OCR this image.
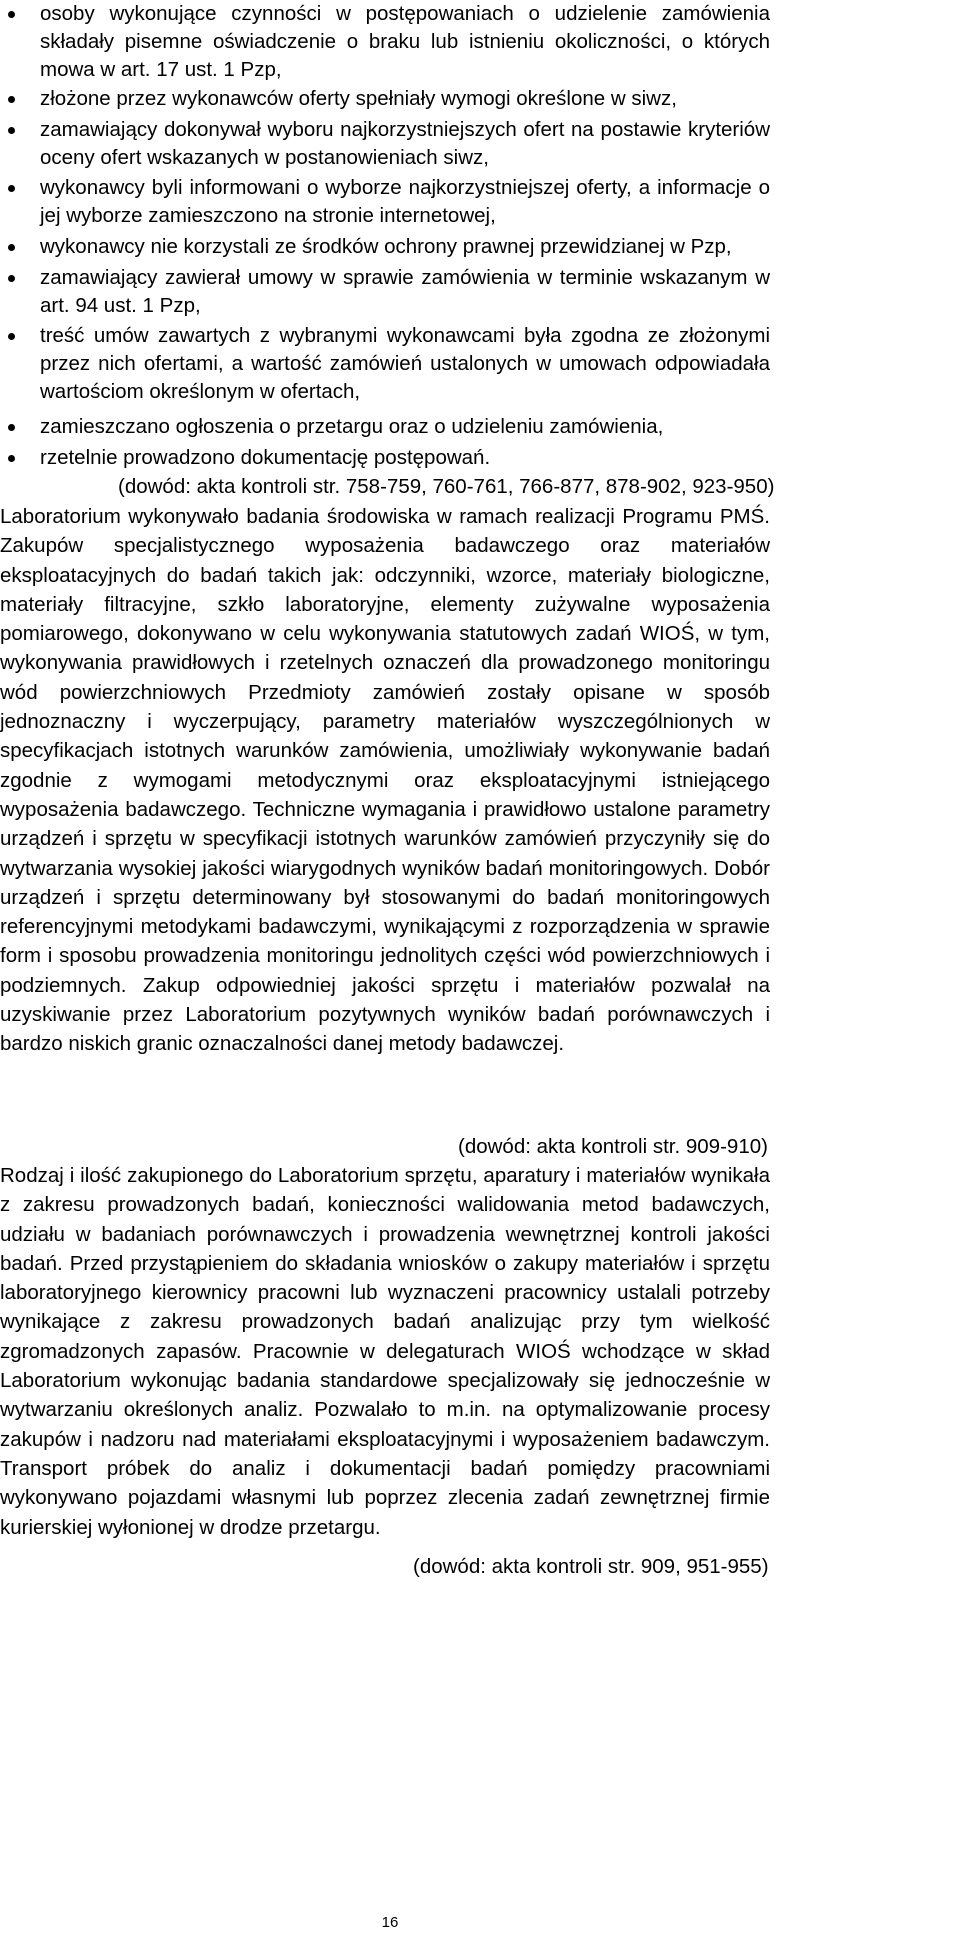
osoby wykonujące czynności w postępowaniach o udzielenie zamówienia składały pisemne oświadczenie o braku lub istnieniu okoliczności, o których mowa w art. 17 ust. 1 Pzp,
złożone przez wykonawców oferty spełniały wymogi określone w siwz,
zamawiający dokonywał wyboru najkorzystniejszych ofert na postawie kryteriów oceny ofert wskazanych w postanowieniach siwz,
wykonawcy byli informowani o wyborze najkorzystniejszej oferty, a informacje o jej wyborze zamieszczono na stronie internetowej,
wykonawcy nie korzystali ze środków ochrony prawnej przewidzianej w Pzp,
zamawiający zawierał umowy w sprawie zamówienia w terminie wskazanym w art. 94 ust. 1 Pzp,
treść umów zawartych z wybranymi wykonawcami była zgodna ze złożonymi przez nich ofertami, a wartość zamówień ustalonych w umowach odpowiadała wartościom określonym w ofertach,
zamieszczano ogłoszenia o przetargu oraz o udzieleniu zamówienia,
rzetelnie prowadzono dokumentację postępowań.
(dowód: akta kontroli str. 758-759, 760-761, 766-877, 878-902, 923-950)

Laboratorium wykonywało badania środowiska w ramach realizacji Programu PMŚ. Zakupów specjalistycznego wyposażenia badawczego oraz materiałów eksploatacyjnych do badań takich jak: odczynniki, wzorce, materiały biologiczne, materiały filtracyjne, szkło laboratoryjne, elementy zużywalne wyposażenia pomiarowego, dokonywano w celu wykonywania statutowych zadań WIOŚ, w tym, wykonywania prawidłowych i rzetelnych oznaczeń dla prowadzonego monitoringu wód powierzchniowych Przedmioty zamówień zostały opisane w sposób jednoznaczny i wyczerpujący, parametry materiałów wyszczególnionych w specyfikacjach istotnych warunków zamówienia, umożliwiały wykonywanie badań zgodnie z wymogami metodycznymi oraz eksploatacyjnymi istniejącego wyposażenia badawczego. Techniczne wymagania i prawidłowo ustalone parametry urządzeń i sprzętu w specyfikacji istotnych warunków zamówień przyczyniły się do wytwarzania wysokiej jakości wiarygodnych wyników badań monitoringowych. Dobór urządzeń i sprzętu determinowany był stosowanymi do badań monitoringowych referencyjnymi metodykami badawczymi, wynikającymi z rozporządzenia w sprawie form i sposobu prowadzenia monitoringu jednolitych części wód powierzchniowych i podziemnych. Zakup odpowiedniej jakości sprzętu i materiałów pozwalał na uzyskiwanie przez Laboratorium pozytywnych wyników badań porównawczych i bardzo niskich granic oznaczalności danej metody badawczej.

(dowód: akta kontroli str. 909-910)

Rodzaj i ilość zakupionego do Laboratorium sprzętu, aparatury i materiałów wynikała z zakresu prowadzonych badań, konieczności walidowania metod badawczych, udziału w badaniach porównawczych i prowadzenia wewnętrznej kontroli jakości badań. Przed przystąpieniem do składania wniosków o zakupy materiałów i sprzętu laboratoryjnego kierownicy pracowni lub wyznaczeni pracownicy ustalali potrzeby wynikające z zakresu prowadzonych badań analizując przy tym wielkość zgromadzonych zapasów. Pracownie w delegaturach WIOŚ wchodzące w skład Laboratorium wykonując badania standardowe specjalizowały się jednocześnie w wytwarzaniu określonych analiz. Pozwalało to m.in. na optymalizowanie procesy zakupów i nadzoru nad materiałami eksploatacyjnymi i wyposażeniem badawczym. Transport próbek do analiz i dokumentacji badań pomiędzy pracowniami wykonywano pojazdami własnymi lub poprzez zlecenia zadań zewnętrznej firmie kurierskiej wyłonionej w drodze przetargu.

(dowód: akta kontroli str. 909, 951-955)
16
